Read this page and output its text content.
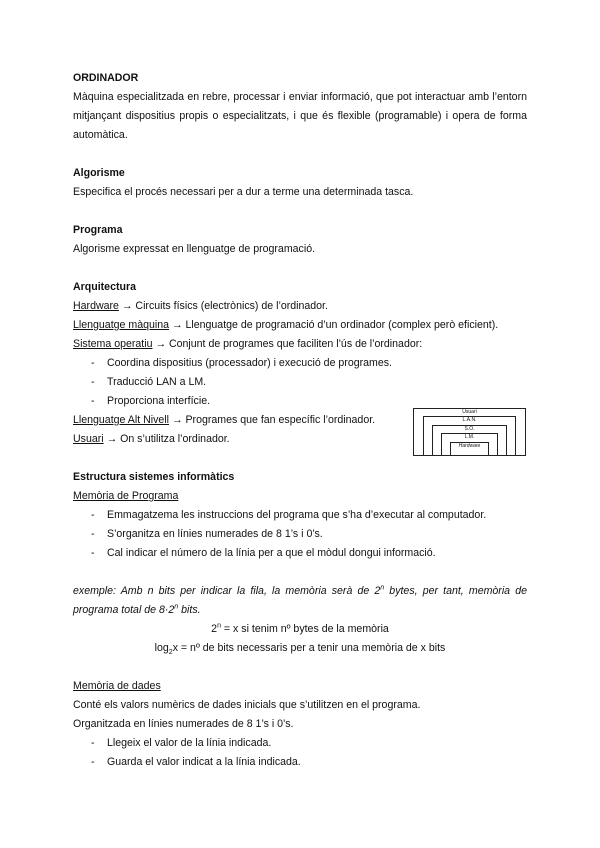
ORDINADOR

Màquina especialitzada en rebre, processar i enviar informació, que pot interactuar amb l’entorn mitjançant dispositius propis o especialitzats, i que és flexible (programable) i opera de forma automàtica.

Algorisme

Especifica el procés necessari per a dur a terme una determinada tasca.

Programa

Algorisme expressat en llenguatge de programació.

Arquitectura

Hardware → Circuits físics (electrònics) de l’ordinador.

Llenguatge màquina → Llenguatge de programació d’un ordinador (complex però eficient).

Sistema operatiu → Conjunt de programes que faciliten l’ús de l’ordinador:

- Coordina dispositius (processador) i execució de programes.
- Traducció LAN a LM.
- Proporciona interfície.

Llenguatge Alt Nivell → Programes que fan específic l’ordinador.

Usuari → On s’utilitza l’ordinador.

Estructura sistemes informàtics

Memòria de Programa

- Emmagatzema les instruccions del programa que s’ha d’executar al computador.
- S’organitza en línies numerades de 8 1’s i 0’s.
- Cal indicar el número de la línia per a que el mòdul dongui informació.

exemple: Amb n bits per indicar la fila, la memòria serà de 2$^n$ bytes, per tant, memòria de programa total de $8\cdot 2^n$ bits.

$2^n = x$ si tenim nº bytes de la memòria

$\log_2x$ = nº de bits necessaris per a tenir una memòria de x bits

Memòria de dades

Conté els valors numèrics de dades inicials que s’utilitzen en el programa.

Organitzada en línies numerades de 8 1’s i 0’s.

- Llegeix el valor de la línia indicada.
- Guarda el valor indicat a la línia indicada.
Usuari
L.A.N.
S.O.
L.M.
Hardware
